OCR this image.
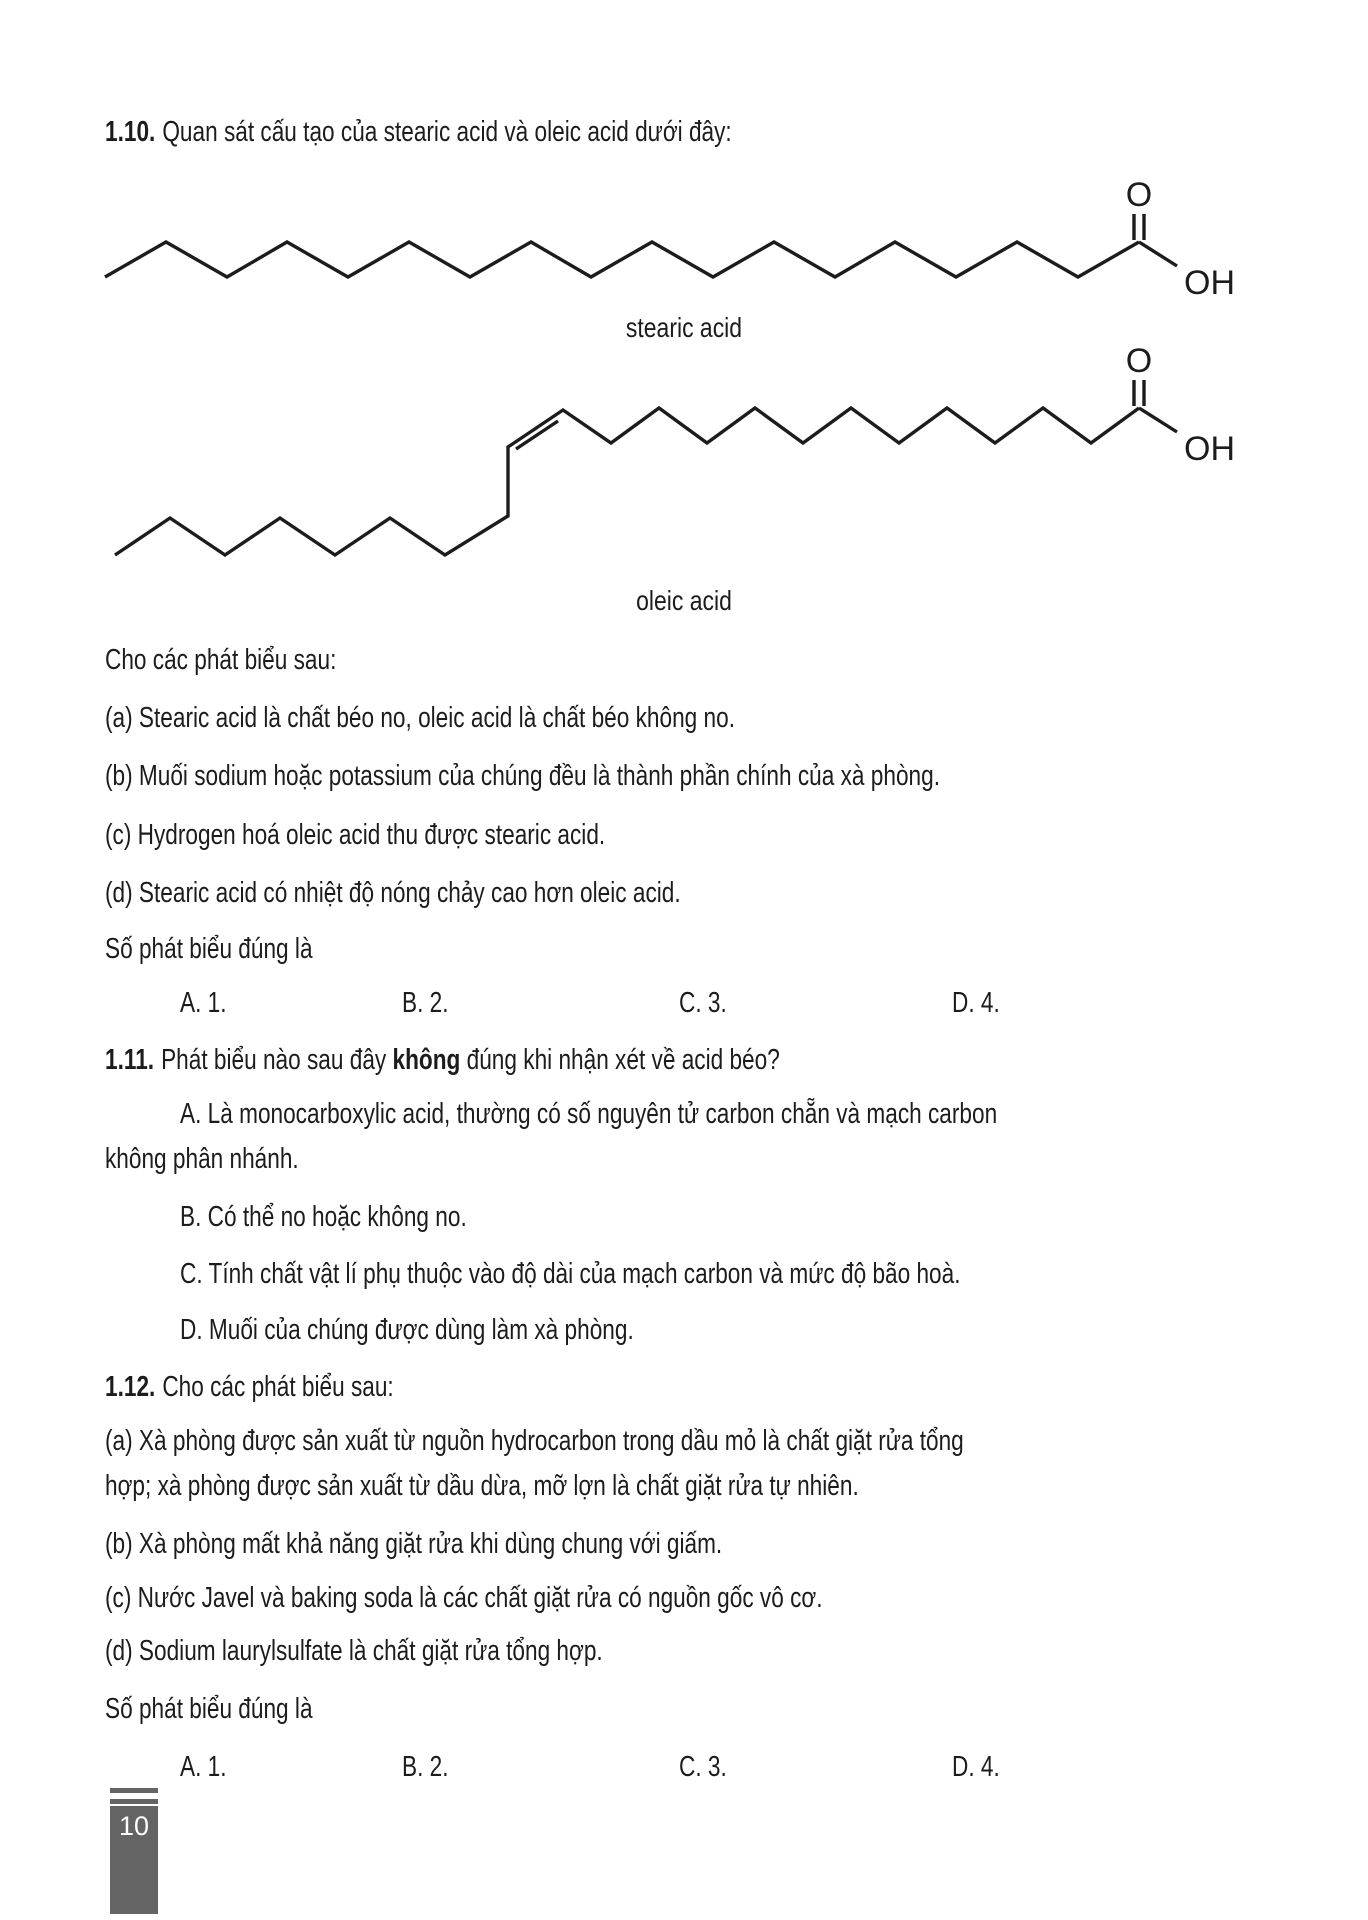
1.10. Quan sát cấu tạo của stearic acid và oleic acid dưới đây:
O
OH
O
OH
stearic acid
oleic acid
Cho các phát biểu sau:
(a) Stearic acid là chất béo no, oleic acid là chất béo không no.
(b) Muối sodium hoặc potassium của chúng đều là thành phần chính của xà phòng.
(c) Hydrogen hoá oleic acid thu được stearic acid.
(d) Stearic acid có nhiệt độ nóng chảy cao hơn oleic acid.
Số phát biểu đúng là
A. 1.	B. 2.	C. 3.	D. 4.
1.11. Phát biểu nào sau đây không đúng khi nhận xét về acid béo?
A. Là monocarboxylic acid, thường có số nguyên tử carbon chẵn và mạch carbon
không phân nhánh.
B. Có thể no hoặc không no.
C. Tính chất vật lí phụ thuộc vào độ dài của mạch carbon và mức độ bão hoà.
D. Muối của chúng được dùng làm xà phòng.
1.12. Cho các phát biểu sau:
(a) Xà phòng được sản xuất từ nguồn hydrocarbon trong dầu mỏ là chất giặt rửa tổng
hợp; xà phòng được sản xuất từ dầu dừa, mỡ lợn là chất giặt rửa tự nhiên.
(b) Xà phòng mất khả năng giặt rửa khi dùng chung với giấm.
(c) Nước Javel và baking soda là các chất giặt rửa có nguồn gốc vô cơ.
(d) Sodium laurylsulfate là chất giặt rửa tổng hợp.
Số phát biểu đúng là
A. 1.	B. 2.	C. 3.	D. 4.
10
